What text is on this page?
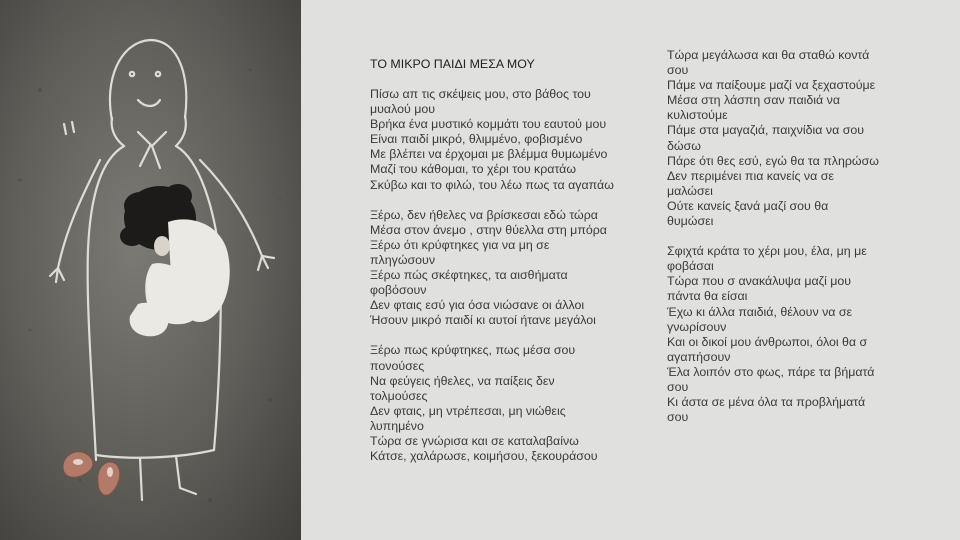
ΤΟ ΜΙΚΡΟ ΠΑΙΔΙ ΜΕΣΑ ΜΟΥ
Πίσω απ τις σκέψεις μου, στο βάθος του
μυαλού μου
Βρήκα ένα μυστικό κομμάτι του εαυτού μου
Είναι παιδί μικρό, θλιμμένο, φοβισμένο
Με βλέπει να έρχομαι με βλέμμα θυμωμένο
Μαζί του κάθομαι, το χέρι του κρατάω
Σκύβω και το φιλώ, του λέω πως τα αγαπάω
Ξέρω, δεν ήθελες να βρίσκεσαι εδώ τώρα
Μέσα στον άνεμο , στην θύελλα στη μπόρα
Ξέρω ότι κρύφτηκες για να μη σε
πληγώσουν
Ξέρω πώς σκέφτηκες, τα αισθήματα
φοβόσουν
Δεν φταις εσύ για όσα νιώσανε οι άλλοι
Ήσουν μικρό παιδί κι αυτοί ήτανε μεγάλοι
Ξέρω πως κρύφτηκες, πως μέσα σου
πονούσες
Να φεύγεις ήθελες, να παίξεις δεν
τολμούσες
Δεν φταις, μη ντρέπεσαι, μη νιώθεις
λυπημένο
Τώρα σε γνώρισα και σε καταλαβαίνω
Κάτσε, χαλάρωσε, κοιμήσου, ξεκουράσου
Τώρα μεγάλωσα και θα σταθώ κοντά
σου
Πάμε να παίξουμε μαζί να ξεχαστούμε
Μέσα στη λάσπη σαν παιδιά να
κυλιστούμε
Πάμε στα μαγαζιά, παιχνίδια να σου
δώσω
Πάρε ότι θες εσύ, εγώ θα τα πληρώσω
Δεν περιμένει πια κανείς να σε
μαλώσει
Ούτε κανείς ξανά μαζί σου θα
θυμώσει
Σφιχτά κράτα το χέρι μου, έλα, μη με
φοβάσαι
Τώρα που σ ανακάλυψα μαζί μου
πάντα θα είσαι
Έχω κι άλλα παιδιά, θέλουν να σε
γνωρίσουν
Και οι δικοί μου άνθρωποι, όλοι θα σ
αγαπήσουν
Έλα λοιπόν στο φως, πάρε τα βήματά
σου
Κι άστα σε μένα όλα τα προβλήματά
σου
